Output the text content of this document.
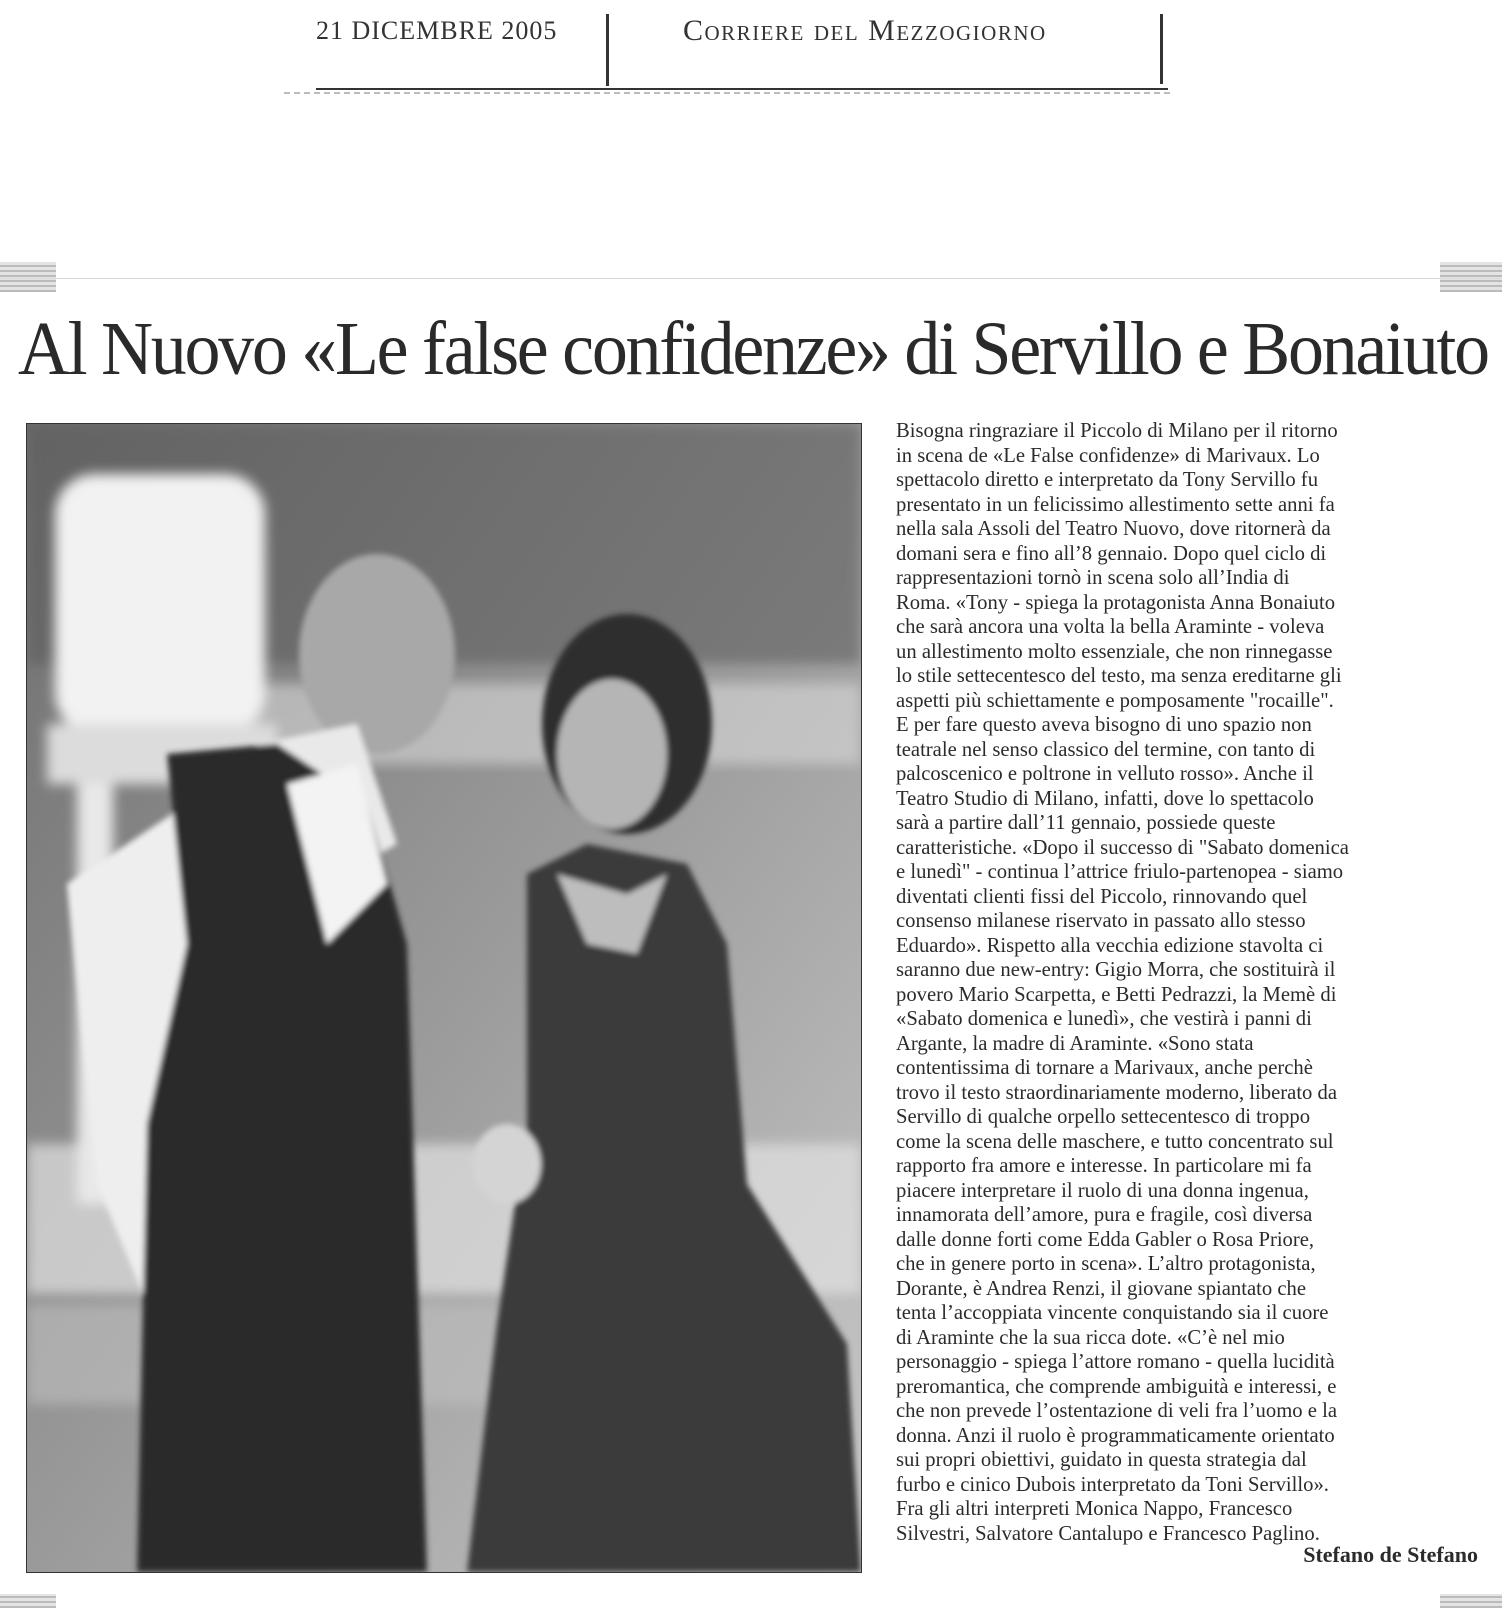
21 DICEMBRE 2005	Corriere del Mezzogiorno
Al Nuovo «Le false confidenze» di Servillo e Bonaiuto
Bisogna ringraziare il Piccolo di Milano per il ritorno
in scena de «Le False confidenze» di Marivaux. Lo
spettacolo diretto e interpretato da Tony Servillo fu
presentato in un felicissimo allestimento sette anni fa
nella sala Assoli del Teatro Nuovo, dove ritornerà da
domani sera e fino all’8 gennaio. Dopo quel ciclo di
rappresentazioni tornò in scena solo all’India di
Roma. «Tony - spiega la protagonista Anna Bonaiuto
che sarà ancora una volta la bella Araminte - voleva
un allestimento molto essenziale, che non rinnegasse
lo stile settecentesco del testo, ma senza ereditarne gli
aspetti più schiettamente e pomposamente "rocaille".
E per fare questo aveva bisogno di uno spazio non
teatrale nel senso classico del termine, con tanto di
palcoscenico e poltrone in velluto rosso». Anche il
Teatro Studio di Milano, infatti, dove lo spettacolo
sarà a partire dall’11 gennaio, possiede queste
caratteristiche. «Dopo il successo di "Sabato domenica
e lunedì" - continua l’attrice friulo-partenopea - siamo
diventati clienti fissi del Piccolo, rinnovando quel
consenso milanese riservato in passato allo stesso
Eduardo». Rispetto alla vecchia edizione stavolta ci
saranno due new-entry: Gigio Morra, che sostituirà il
povero Mario Scarpetta, e Betti Pedrazzi, la Memè di
«Sabato domenica e lunedì», che vestirà i panni di
Argante, la madre di Araminte. «Sono stata
contentissima di tornare a Marivaux, anche perchè
trovo il testo straordinariamente moderno, liberato da
Servillo di qualche orpello settecentesco di troppo
come la scena delle maschere, e tutto concentrato sul
rapporto fra amore e interesse. In particolare mi fa
piacere interpretare il ruolo di una donna ingenua,
innamorata dell’amore, pura e fragile, così diversa
dalle donne forti come Edda Gabler o Rosa Priore,
che in genere porto in scena». L’altro protagonista,
Dorante, è Andrea Renzi, il giovane spiantato che
tenta l’accoppiata vincente conquistando sia il cuore
di Araminte che la sua ricca dote. «C’è nel mio
personaggio - spiega l’attore romano - quella lucidità
preromantica, che comprende ambiguità e interessi, e
che non prevede l’ostentazione di veli fra l’uomo e la
donna. Anzi il ruolo è programmaticamente orientato
sui propri obiettivi, guidato in questa strategia dal
furbo e cinico Dubois interpretato da Toni Servillo».
Fra gli altri interpreti Monica Nappo, Francesco
Silvestri, Salvatore Cantalupo e Francesco Paglino.
Stefano de Stefano
